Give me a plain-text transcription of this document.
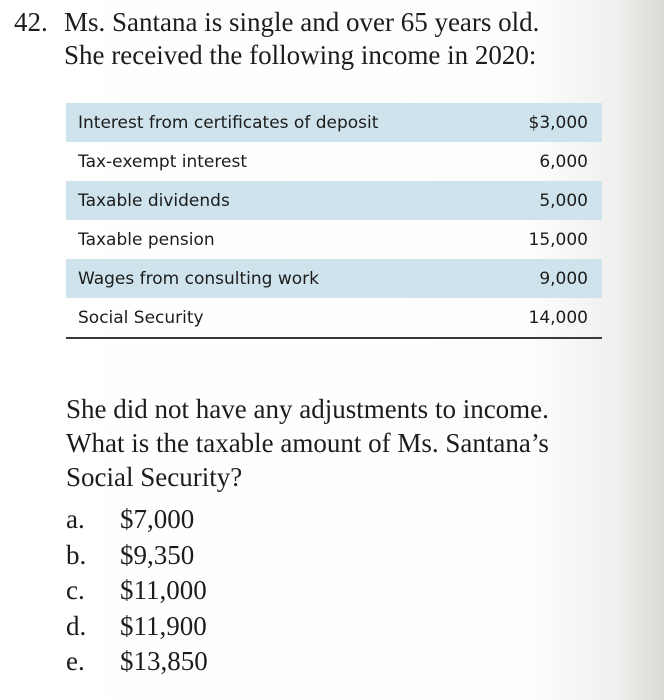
42. Ms. Santana is single and over 65 years old.
She received the following income in 2020:
Interest from certificates of deposit	$3,000
Tax-exempt interest	6,000
Taxable dividends	5,000
Taxable pension	15,000
Wages from consulting work	9,000
Social Security	14,000
She did not have any adjustments to income.
What is the taxable amount of Ms. Santana’s
Social Security?
a.	$7,000
b.	$9,350
c.	$11,000
d.	$11,900
e.	$13,850
